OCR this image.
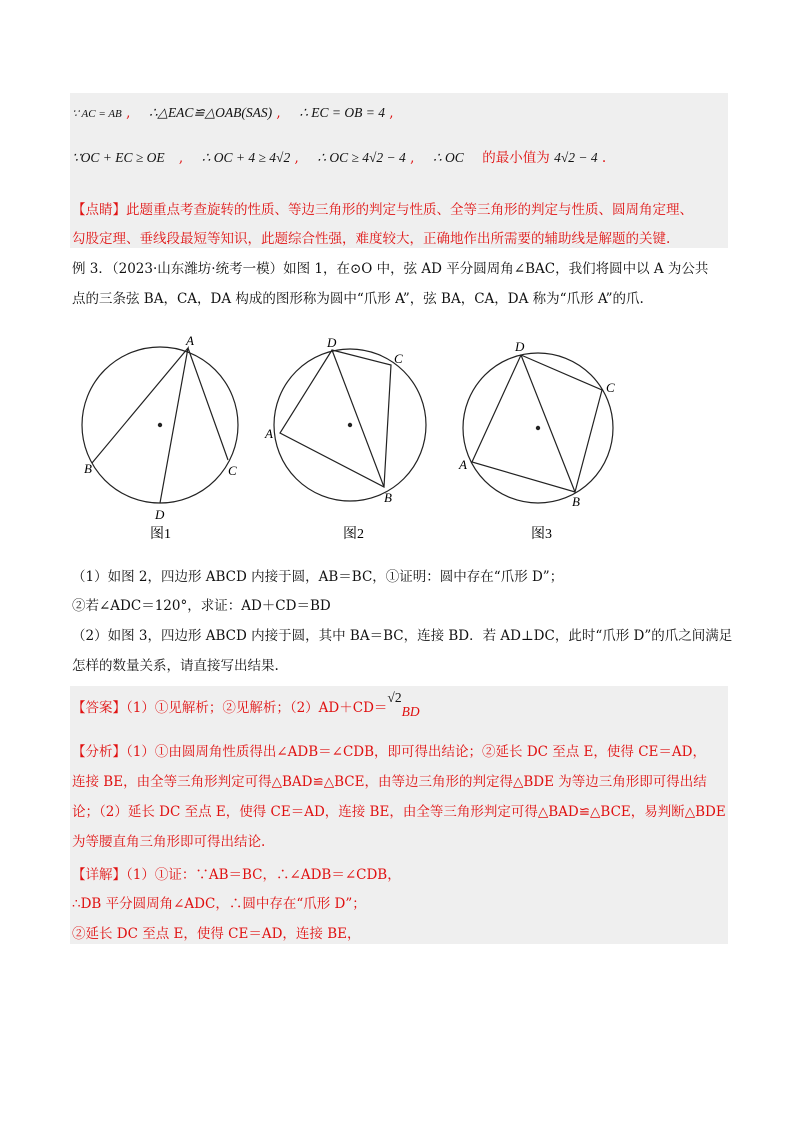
∵ AC = AB , ∴△EAC≌△OAB(SAS) , ∴ EC = OB = 4 ,
∵OC + EC ≥ OE , ∴ OC + 4 ≥ 4√2 , ∴ OC ≥ 4√2 − 4 , ∴ OC 的最小值为 4√2 − 4 .
【点睛】此题重点考查旋转的性质、等边三角形的判定与性质、全等三角形的判定与性质、圆周角定理、
勾股定理、垂线段最短等知识，此题综合性强，难度较大，正确地作出所需要的辅助线是解题的关键.
例 3．（2023·山东潍坊·统考一模）如图 1，在⊙O 中，弦 AD 平分圆周角∠BAC，我们将圆中以 A 为公共
点的三条弦 BA，CA，DA 构成的图形称为圆中“爪形 A”，弦 BA，CA，DA 称为“爪形 A”的爪.
A
B	C
D
A
B
C
D
A
B
C
D
图1	图2	图3
（1）如图 2，四边形 ABCD 内接于圆，AB＝BC，①证明：圆中存在“爪形 D”；
②若∠ADC＝120°，求证：AD＋CD＝BD
（2）如图 3，四边形 ABCD 内接于圆，其中 BA＝BC，连接 BD．若 AD⊥DC，此时“爪形 D”的爪之间满足
怎样的数量关系，请直接写出结果.
【答案】（1）①见解析；②见解析；（2）AD＋CD＝√2BD
【分析】（1）①由圆周角性质得出∠ADB＝∠CDB，即可得出结论；②延长 DC 至点 E，使得 CE＝AD，
连接 BE，由全等三角形判定可得△BAD≌△BCE，由等边三角形的判定得△BDE 为等边三角形即可得出结
论；（2）延长 DC 至点 E，使得 CE＝AD，连接 BE，由全等三角形判定可得△BAD≌△BCE，易判断△BDE
为等腰直角三角形即可得出结论.
【详解】（1）①证：∵AB＝BC，∴∠ADB＝∠CDB，
∴DB 平分圆周角∠ADC，∴圆中存在“爪形 D”；
②延长 DC 至点 E，使得 CE＝AD，连接 BE，
